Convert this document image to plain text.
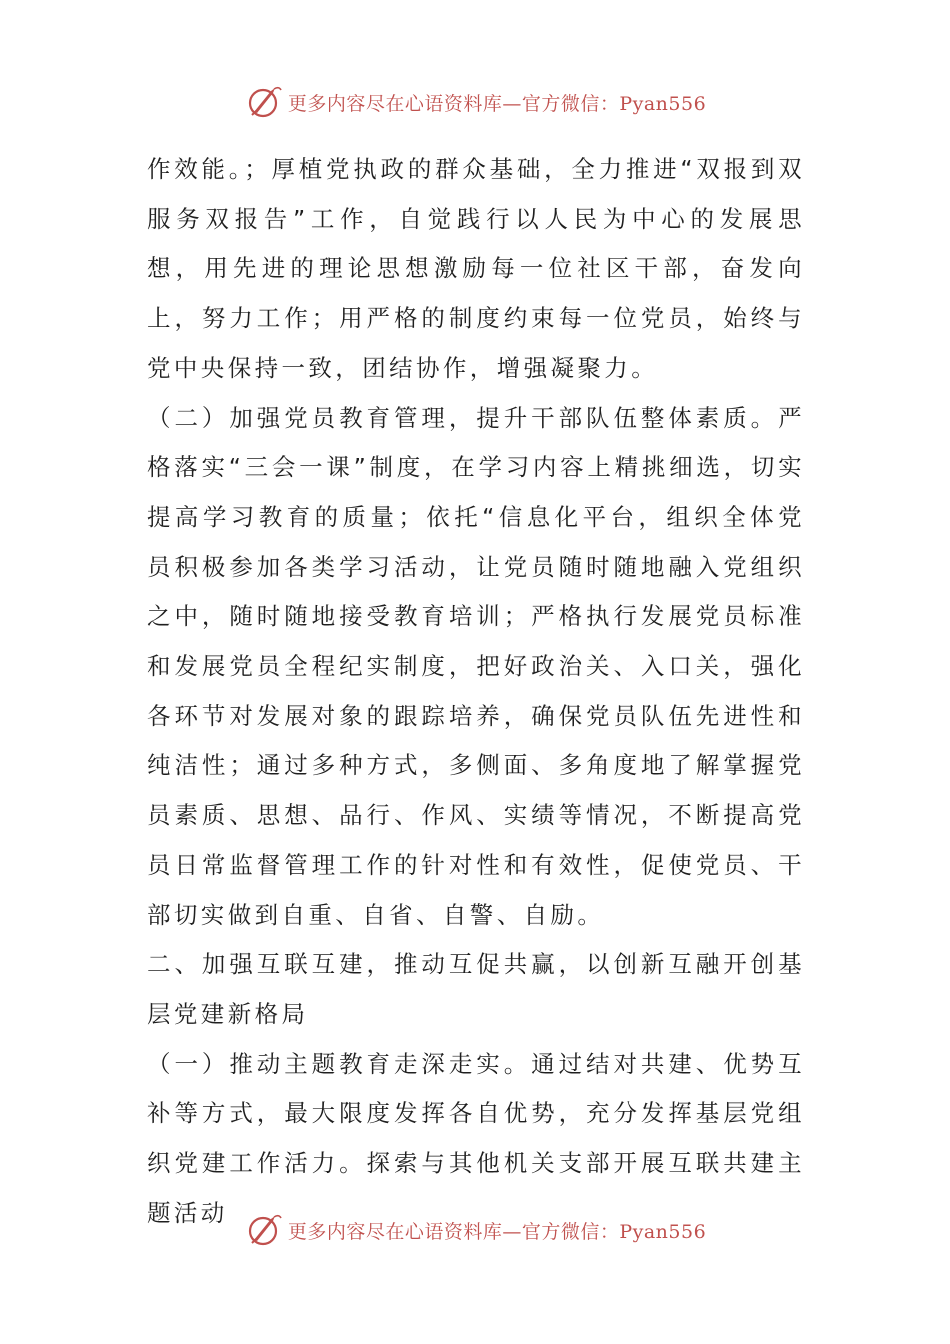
更多内容尽在心语资料库—官方微信：Pyan556

作效能。；厚植党执政的群众基础，全力推进“双报到双服务双报告”工作，自觉践行以人民为中心的发展思想，用先进的理论思想激励每一位社区干部，奋发向上，努力工作；用严格的制度约束每一位党员，始终与党中央保持一致，团结协作，增强凝聚力。

（二）加强党员教育管理，提升干部队伍整体素质。严格落实“三会一课”制度，在学习内容上精挑细选，切实提高学习教育的质量；依托“信息化平台，组织全体党员积极参加各类学习活动，让党员随时随地融入党组织之中，随时随地接受教育培训；严格执行发展党员标准和发展党员全程纪实制度，把好政治关、入口关，强化各环节对发展对象的跟踪培养，确保党员队伍先进性和纯洁性；通过多种方式，多侧面、多角度地了解掌握党员素质、思想、品行、作风、实绩等情况，不断提高党员日常监督管理工作的针对性和有效性，促使党员、干部切实做到自重、自省、自警、自励。

二、加强互联互建，推动互促共赢，以创新互融开创基层党建新格局

（一）推动主题教育走深走实。通过结对共建、优势互补等方式，最大限度发挥各自优势，充分发挥基层党组织党建工作活力。探索与其他机关支部开展互联共建主题活动

更多内容尽在心语资料库—官方微信：Pyan556
